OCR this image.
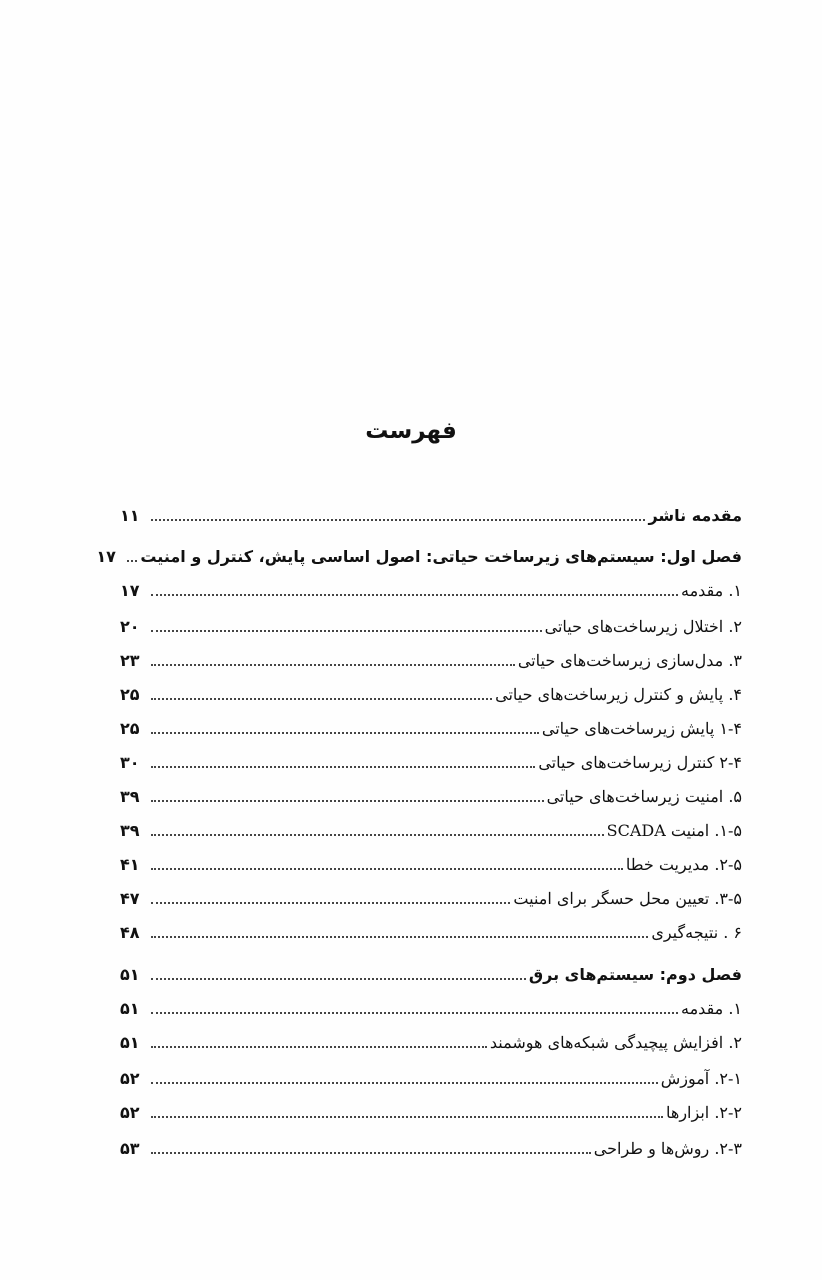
فهرست
مقدمه ناشر
۱۱
فصل اول: سیستم‌های زیرساخت حیاتی: اصول اساسی پایش، کنترل و امنیت
۱۷
۱. مقدمه
۱۷
۲. اختلال زیرساخت‌های حیاتی
۲۰
۳. مدل‌سازی زیرساخت‌های حیاتی
۲۳
۴. پایش و کنترل زیرساخت‌های حیاتی
۲۵
۱-۴ پایش زیرساخت‌های حیاتی
۲۵
۲-۴ کنترل زیرساخت‌های حیاتی
۳۰
۵. امنیت زیرساخت‌های حیاتی
۳۹
۱-۵. امنیت SCADA
۳۹
۲-۵. مدیریت خطا
۴۱
۳-۵. تعیین محل حسگر برای امنیت
۴۷
۶ . نتیجه‌گیری
۴۸
فصل دوم: سیستم‌های برق
۵۱
۱. مقدمه
۵۱
۲. افزایش پیچیدگی شبکه‌های هوشمند
۵۱
۲-۱. آموزش
۵۲
۲-۲. ابزارها
۵۲
۲-۳. روش‌ها و طراحی
۵۳
